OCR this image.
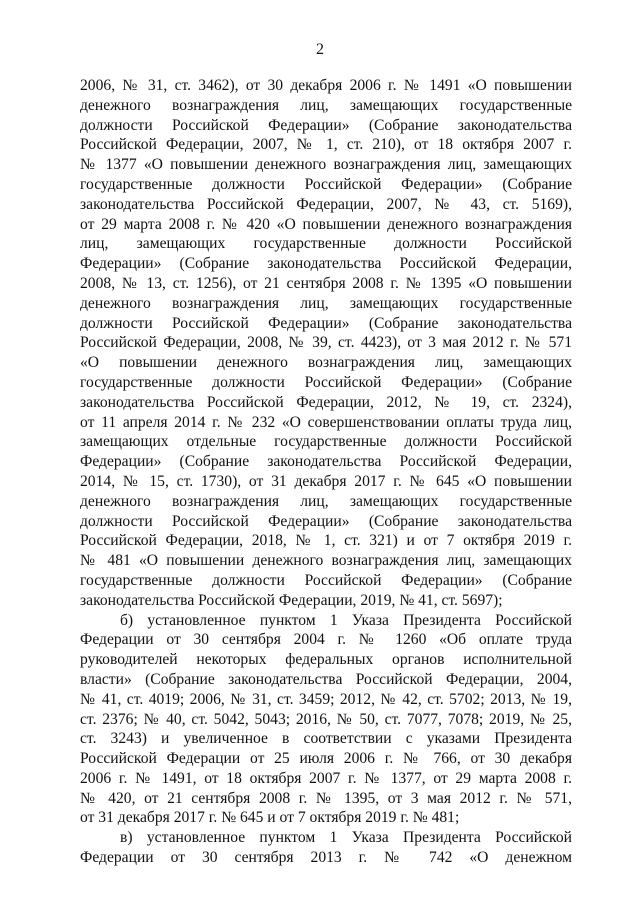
2
2006, № 31, ст. 3462), от 30 декабря 2006 г. № 1491 «О повышении
денежного вознаграждения лиц, замещающих государственные
должности Российской Федерации» (Собрание законодательства
Российской Федерации, 2007, № 1, ст. 210), от 18 октября 2007 г.
№ 1377 «О повышении денежного вознаграждения лиц, замещающих
государственные должности Российской Федерации» (Собрание
законодательства Российской Федерации, 2007, № 43, ст. 5169),
от 29 марта 2008 г. № 420 «О повышении денежного вознаграждения
лиц, замещающих государственные должности Российской
Федерации» (Собрание законодательства Российской Федерации,
2008, № 13, ст. 1256), от 21 сентября 2008 г. № 1395 «О повышении
денежного вознаграждения лиц, замещающих государственные
должности Российской Федерации» (Собрание законодательства
Российской Федерации, 2008, № 39, ст. 4423), от 3 мая 2012 г. № 571
«О повышении денежного вознаграждения лиц, замещающих
государственные должности Российской Федерации» (Собрание
законодательства Российской Федерации, 2012, № 19, ст. 2324),
от 11 апреля 2014 г. № 232 «О совершенствовании оплаты труда лиц,
замещающих отдельные государственные должности Российской
Федерации» (Собрание законодательства Российской Федерации,
2014, № 15, ст. 1730), от 31 декабря 2017 г. № 645 «О повышении
денежного вознаграждения лиц, замещающих государственные
должности Российской Федерации» (Собрание законодательства
Российской Федерации, 2018, № 1, ст. 321) и от 7 октября 2019 г.
№ 481 «О повышении денежного вознаграждения лиц, замещающих
государственные должности Российской Федерации» (Собрание
законодательства Российской Федерации, 2019, № 41, ст. 5697);
б) установленное пунктом 1 Указа Президента Российской
Федерации от 30 сентября 2004 г. № 1260 «Об оплате труда
руководителей некоторых федеральных органов исполнительной
власти» (Собрание законодательства Российской Федерации, 2004,
№ 41, ст. 4019; 2006, № 31, ст. 3459; 2012, № 42, ст. 5702; 2013, № 19,
ст. 2376; № 40, ст. 5042, 5043; 2016, № 50, ст. 7077, 7078; 2019, № 25,
ст. 3243) и увеличенное в соответствии с указами Президента
Российской Федерации от 25 июля 2006 г. № 766, от 30 декабря
2006 г. № 1491, от 18 октября 2007 г. № 1377, от 29 марта 2008 г.
№ 420, от 21 сентября 2008 г. № 1395, от 3 мая 2012 г. № 571,
от 31 декабря 2017 г. № 645 и от 7 октября 2019 г. № 481;
в) установленное пунктом 1 Указа Президента Российской
Федерации от 30 сентября 2013 г. № 742 «О денежном
